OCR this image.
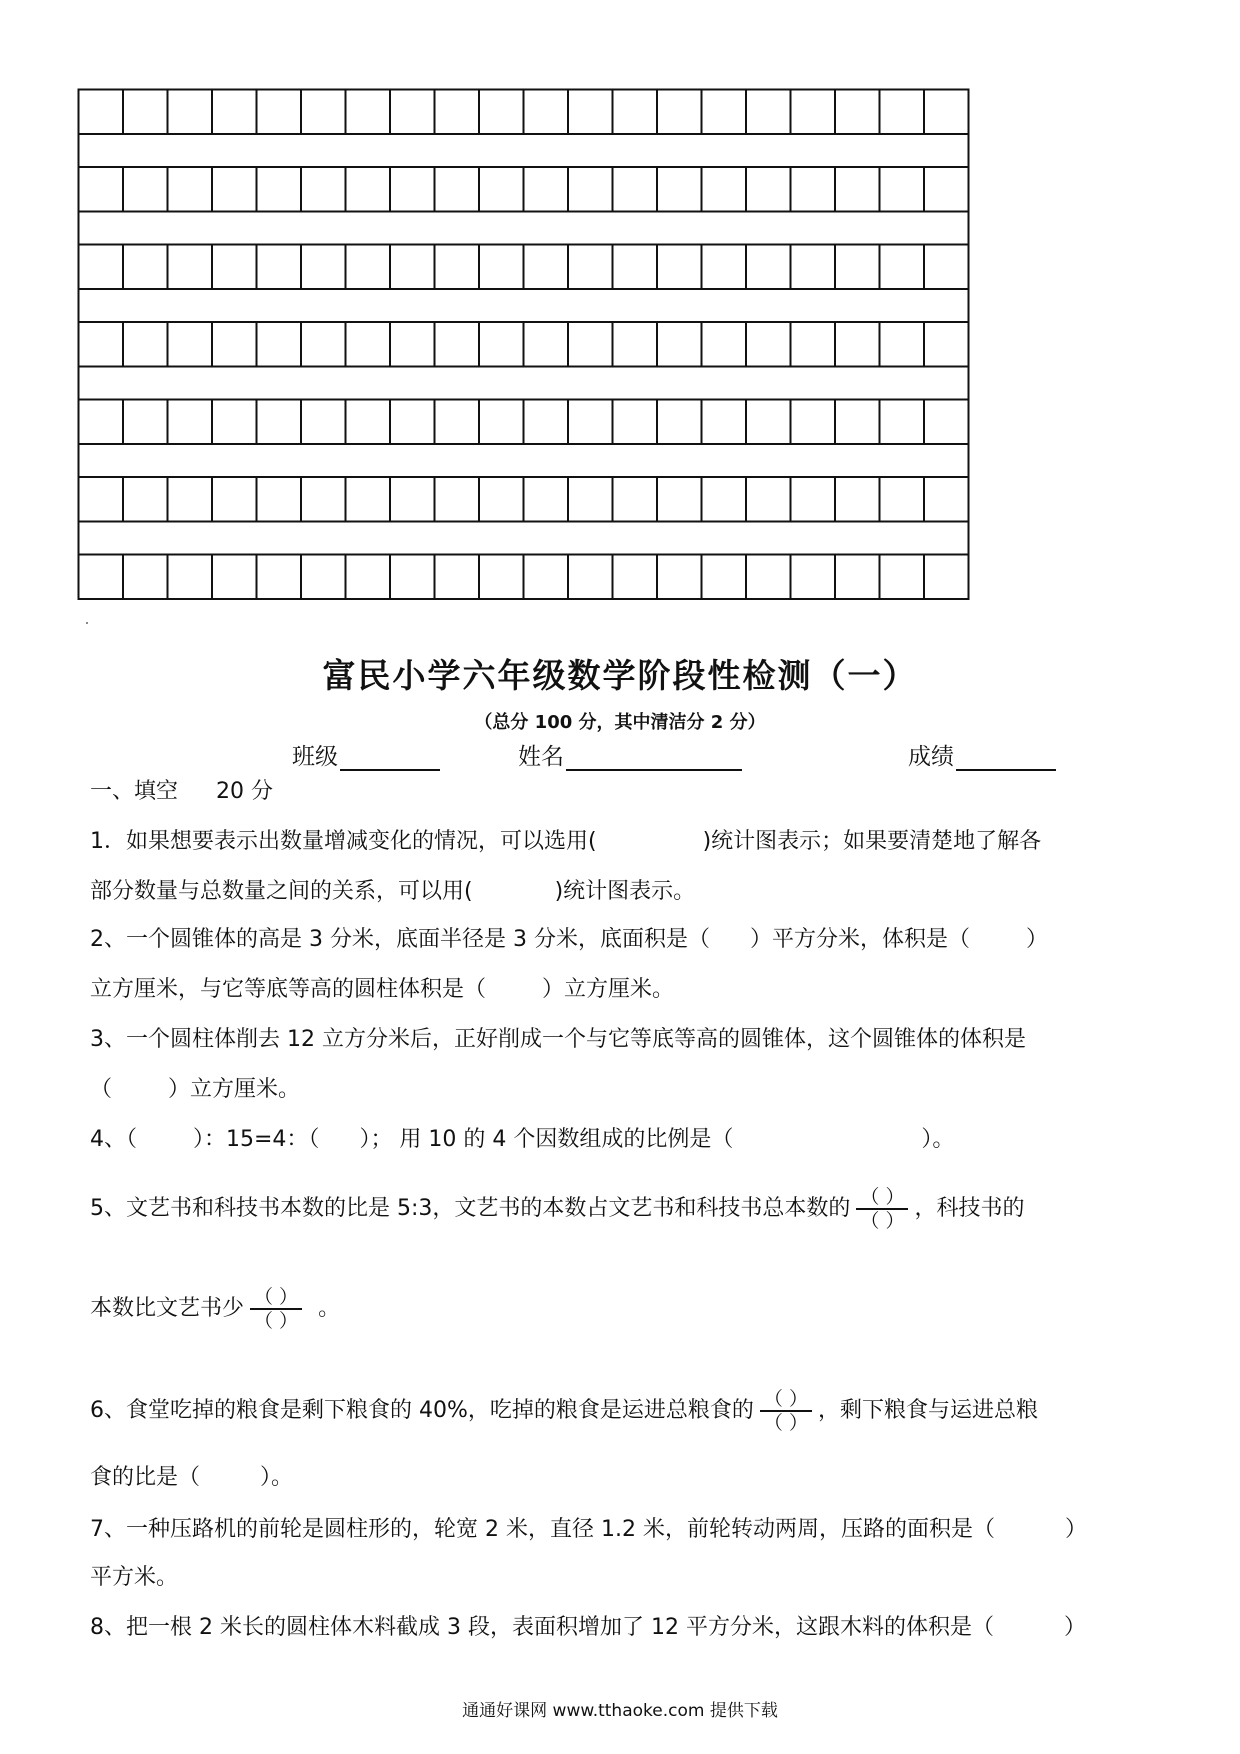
富民小学六年级数学阶段性检测（一）
（总分 100 分，其中清洁分 2 分）
班级	姓名	成绩
一、填空 20 分
1．如果想要表示出数量增减变化的情况，可以选用(	)统计图表示；如果要清楚地了解各
部分数量与总数量之间的关系，可以用(	)统计图表示。
2、一个圆锥体的高是 3 分米，底面半径是 3 分米，底面积是（ ）平方分米，体积是（	）
立方厘米，与它等底等高的圆柱体积是（	）立方厘米。
3、一个圆柱体削去 12 立方分米后，正好削成一个与它等底等高的圆锥体，这个圆锥体的体积是
（	）立方厘米。
4、（	）：15=4：（ ）； 用 10 的 4 个因数组成的比例是（	）。
5、文艺书和科技书本数的比是 5:3，文艺书的本数占文艺书和科技书总本数的 $\frac{( )}{( )}$ ，科技书的
本数比文艺书少 $\frac{( )}{( )}$ 。
6、食堂吃掉的粮食是剩下粮食的 40%，吃掉的粮食是运进总粮食的 $\frac{( )}{( )}$ ，剩下粮食与运进总粮
食的比是（	）。
7、一种压路机的前轮是圆柱形的，轮宽 2 米，直径 1.2 米，前轮转动两周，压路的面积是（	）
平方米。
8、把一根 2 米长的圆柱体木料截成 3 段，表面积增加了 12 平方分米，这跟木料的体积是（	）
通通好课网 www.tthaoke.com 提供下载
